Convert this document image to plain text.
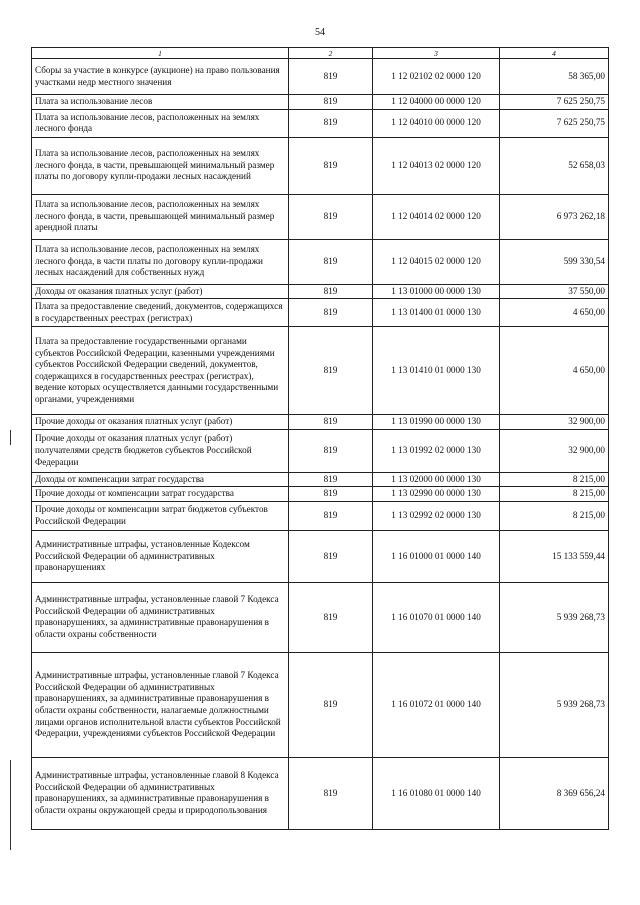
54
1	2	3	4
Сборы за участие в конкурсе (аукционе) на право пользования участками недр местного значения	819	1 12 02102 02 0000 120	58 365,00
Плата за использование лесов	819	1 12 04000 00 0000 120	7 625 250,75
Плата за использование лесов, расположенных на землях лесного фонда	819	1 12 04010 00 0000 120	7 625 250,75
Плата за использование лесов, расположенных на землях лесного фонда, в части, превышающей минимальный размер платы по договору купли-продажи лесных насаждений	819	1 12 04013 02 0000 120	52 658,03
Плата за использование лесов, расположенных на землях лесного фонда, в части, превышающей минимальный размер арендной платы	819	1 12 04014 02 0000 120	6 973 262,18
Плата за использование лесов, расположенных на землях лесного фонда, в части платы по договору купли-продажи лесных насаждений для собственных нужд	819	1 12 04015 02 0000 120	599 330,54
Доходы от оказания платных услуг (работ)	819	1 13 01000 00 0000 130	37 550,00
Плата за предоставление сведений, документов, содержащихся в государственных реестрах (регистрах)	819	1 13 01400 01 0000 130	4 650,00
Плата за предоставление государственными органами субъектов Российской Федерации, казенными учреждениями субъектов Российской Федерации сведений, документов, содержащихся в государственных реестрах (регистрах), ведение которых осуществляется данными государственными органами, учреждениями	819	1 13 01410 01 0000 130	4 650,00
Прочие доходы от оказания платных услуг (работ)	819	1 13 01990 00 0000 130	32 900,00
Прочие доходы от оказания платных услуг (работ) получателями средств бюджетов субъектов Российской Федерации	819	1 13 01992 02 0000 130	32 900,00
Доходы от компенсации затрат государства	819	1 13 02000 00 0000 130	8 215,00
Прочие доходы от компенсации затрат государства	819	1 13 02990 00 0000 130	8 215,00
Прочие доходы от компенсации затрат бюджетов субъектов Российской Федерации	819	1 13 02992 02 0000 130	8 215,00
Административные штрафы, установленные Кодексом Российской Федерации об административных правонарушениях	819	1 16 01000 01 0000 140	15 133 559,44
Административные штрафы, установленные главой 7 Кодекса Российской Федерации об административных правонарушениях, за административные правонарушения в области охраны собственности	819	1 16 01070 01 0000 140	5 939 268,73
Административные штрафы, установленные главой 7 Кодекса Российской Федерации об административных правонарушениях, за административные правонарушения в области охраны собственности, налагаемые должностными лицами органов исполнительной власти субъектов Российской Федерации, учреждениями субъектов Российской Федерации	819	1 16 01072 01 0000 140	5 939 268,73
Административные штрафы, установленные главой 8 Кодекса Российской Федерации об административных правонарушениях, за административные правонарушения в области охраны окружающей среды и природопользования	819	1 16 01080 01 0000 140	8 369 656,24
